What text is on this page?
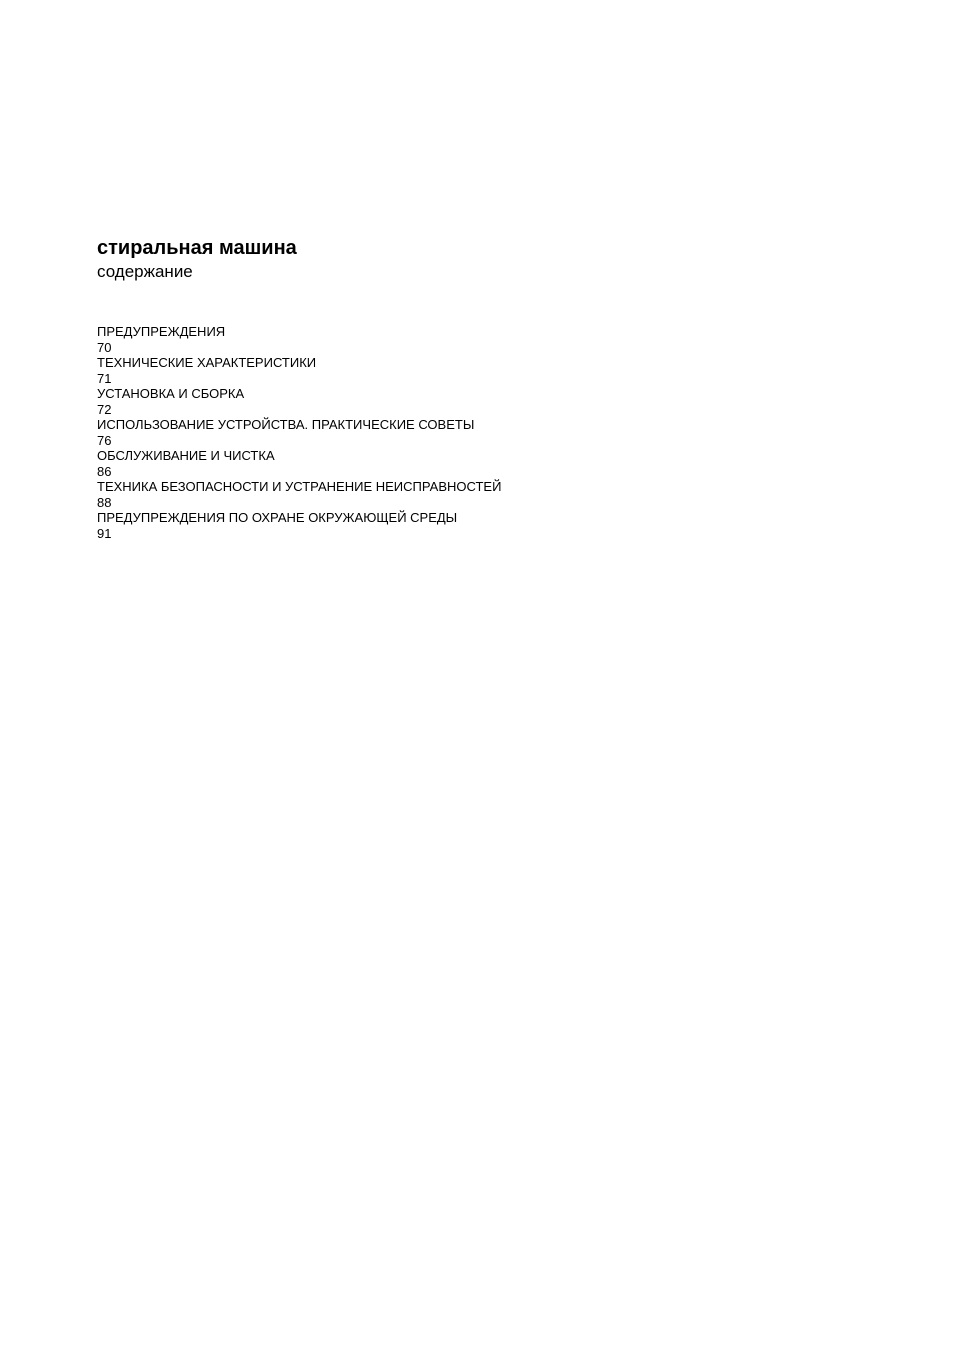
стиральная машина
содержание
ПРЕДУПРЕЖДЕНИЯ
70
ТЕХНИЧЕСКИЕ ХАРАКТЕРИСТИКИ
71
УСТАНОВКА И СБОРКА
72
ИСПОЛЬЗОВАНИЕ УСТРОЙСТВА. ПРАКТИЧЕСКИЕ СОВЕТЫ
76
ОБСЛУЖИВАНИЕ И ЧИСТКА
86
ТЕХНИКА БЕЗОПАСНОСТИ И УСТРАНЕНИЕ НЕИСПРАВНОСТЕЙ
88
ПРЕДУПРЕЖДЕНИЯ ПО ОХРАНЕ ОКРУЖАЮЩЕЙ СРЕДЫ
91
